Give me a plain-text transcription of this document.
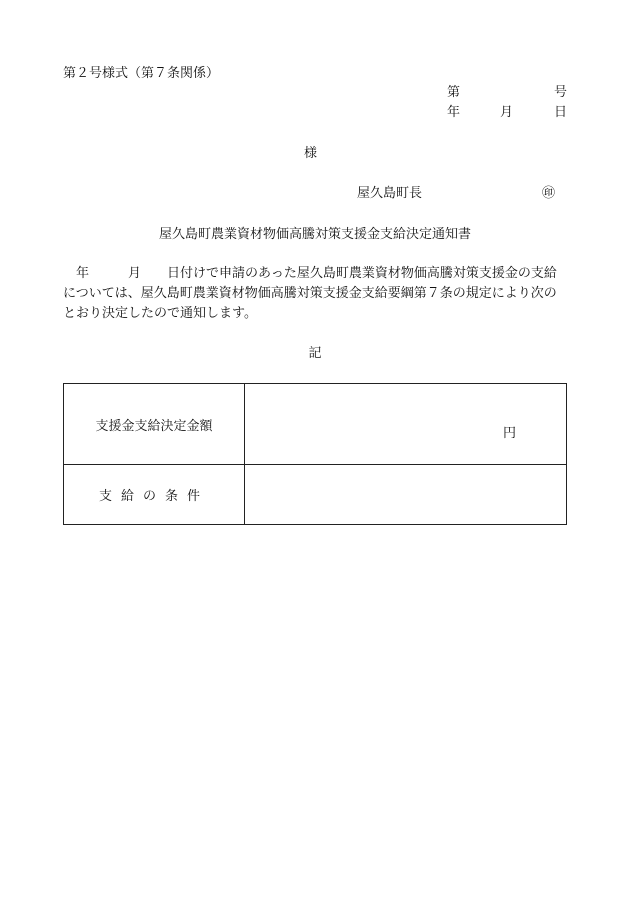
第２号様式（第７条関係）
第	号
年	月	日
様
屋久島町長	㊞
屋久島町農業資材物価高騰対策支援金支給決定通知書
年	月 日付けで申請のあった屋久島町農業資材物価高騰対策支援金の支給
については、屋久島町農業資材物価高騰対策支援金支給要綱第７条の規定により次の
とおり決定したので通知します。
記
支援金支給決定金額	円

支給の条件	
